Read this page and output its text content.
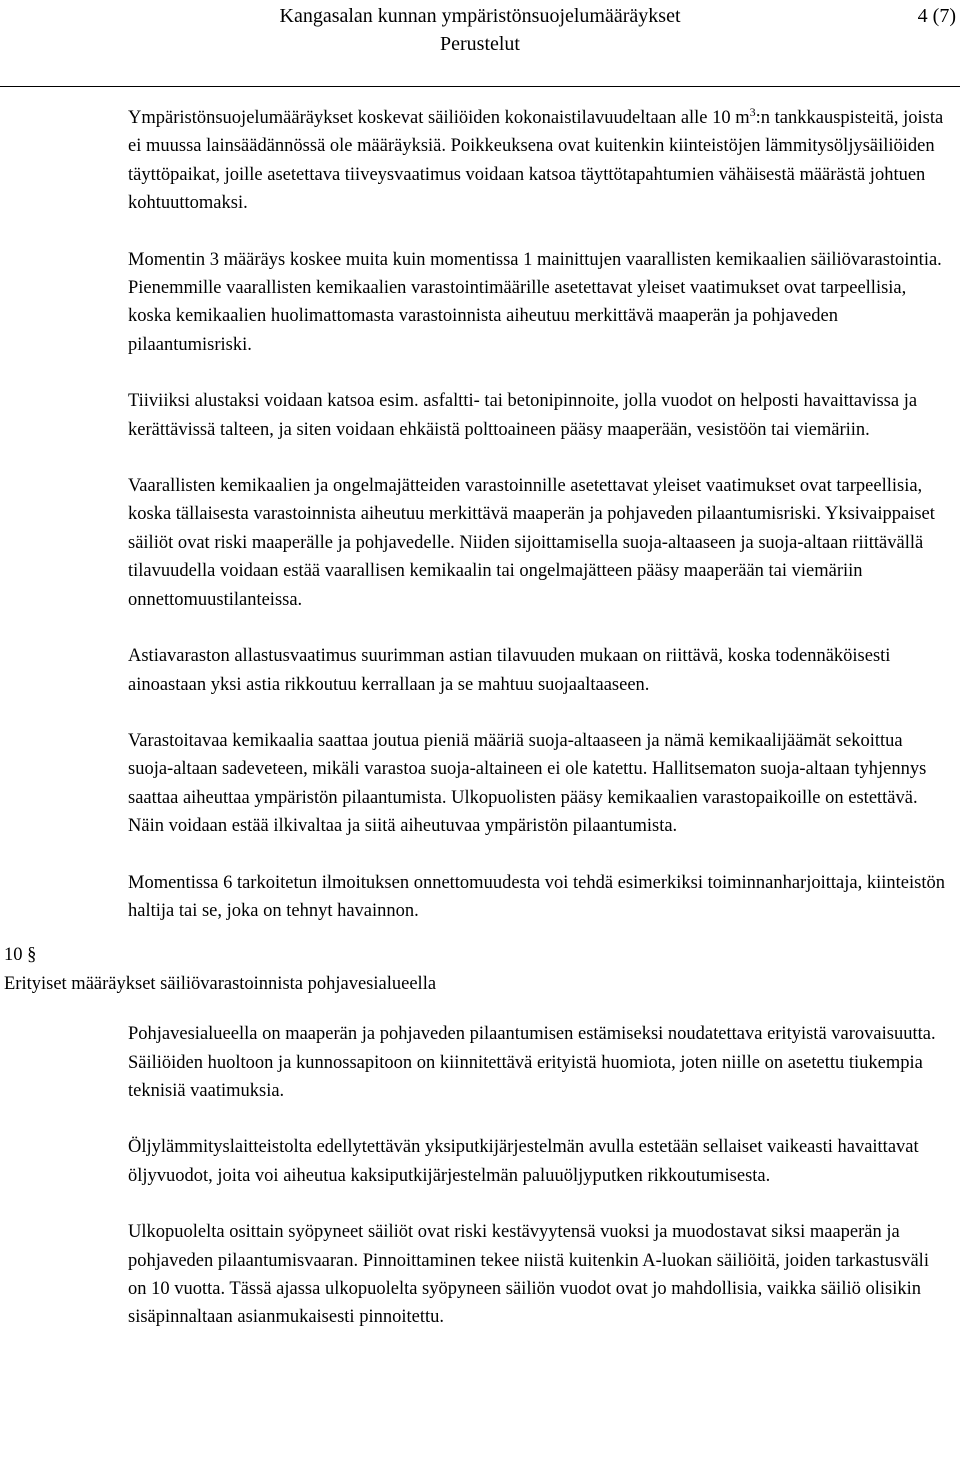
Kangasalan kunnan ympäristönsuojelumääräykset
Perustelut
4 (7)

Ympäristönsuojelumääräykset koskevat säiliöiden kokonaistilavuudeltaan alle 10 $m^3:n$ tankkauspisteitä, joista ei muussa lainsäädännössä ole määräyksiä. Poikkeuksena ovat kuitenkin kiinteistöjen lämmitysöljysäiliöiden täyttöpaikat, joille asetettava tiiveysvaatimus voidaan katsoa täyttötapahtumien vähäisestä määrästä johtuen kohtuuttomaksi.

Momentin 3 määräys koskee muita kuin momentissa 1 mainittujen vaarallisten kemikaalien säiliövarastointia. Pienemmille vaarallisten kemikaalien varastointimäärille asetettavat yleiset vaatimukset ovat tarpeellisia, koska kemikaalien huolimattomasta varastoinnista aiheutuu merkittävä maaperän ja pohjaveden pilaantumisriski.

Tiiviiksi alustaksi voidaan katsoa esim. asfaltti- tai betonipinnoite, jolla vuodot on helposti havaittavissa ja kerättävissä talteen, ja siten voidaan ehkäistä polttoaineen pääsy maaperään, vesistöön tai viemäriin.

Vaarallisten kemikaalien ja ongelmajätteiden varastoinnille asetettavat yleiset vaatimukset ovat tarpeellisia, koska tällaisesta varastoinnista aiheutuu merkittävä maaperän ja pohjaveden pilaantumisriski. Yksivaippaiset säiliöt ovat riski maaperälle ja pohjavedelle. Niiden sijoittamisella suoja-altaaseen ja suoja-altaan riittävällä tilavuudella voidaan estää vaarallisen kemikaalin tai ongelmajätteen pääsy maaperään tai viemäriin onnettomuustilanteissa.

Astiavaraston allastusvaatimus suurimman astian tilavuuden mukaan on riittävä, koska todennäköisesti ainoastaan yksi astia rikkoutuu kerrallaan ja se mahtuu suojaaltaaseen.

Varastoitavaa kemikaalia saattaa joutua pieniä määriä suoja-altaaseen ja nämä kemikaalijäämät sekoittua suoja-altaan sadeveteen, mikäli varastoa suoja-altaineen ei ole katettu. Hallitsematon suoja-altaan tyhjennys saattaa aiheuttaa ympäristön pilaantumista. Ulkopuolisten pääsy kemikaalien varastopaikoille on estettävä. Näin voidaan estää ilkivaltaa ja siitä aiheutuvaa ympäristön pilaantumista.

Momentissa 6 tarkoitetun ilmoituksen onnettomuudesta voi tehdä esimerkiksi toiminnanharjoittaja, kiinteistön haltija tai se, joka on tehnyt havainnon.

10 §

Erityiset määräykset säiliövarastoinnista pohjavesialueella

Pohjavesialueella on maaperän ja pohjaveden pilaantumisen estämiseksi noudatettava erityistä varovaisuutta. Säiliöiden huoltoon ja kunnossapitoon on kiinnitettävä erityistä huomiota, joten niille on asetettu tiukempia teknisiä vaatimuksia.

Öljylämmityslaitteistolta edellytettävän yksiputkijärjestelmän avulla estetään sellaiset vaikeasti havaittavat öljyvuodot, joita voi aiheutua kaksiputkijärjestelmän paluuöljyputken rikkoutumisesta.

Ulkopuolelta osittain syöpyneet säiliöt ovat riski kestävyytensä vuoksi ja muodostavat siksi maaperän ja pohjaveden pilaantumisvaaran. Pinnoittaminen tekee niistä kuitenkin A-luokan säiliöitä, joiden tarkastusväli on 10 vuotta. Tässä ajassa ulkopuolelta syöpyneen säiliön vuodot ovat jo mahdollisia, vaikka säiliö olisikin sisäpinnaltaan asianmukaisesti pinnoitettu.
